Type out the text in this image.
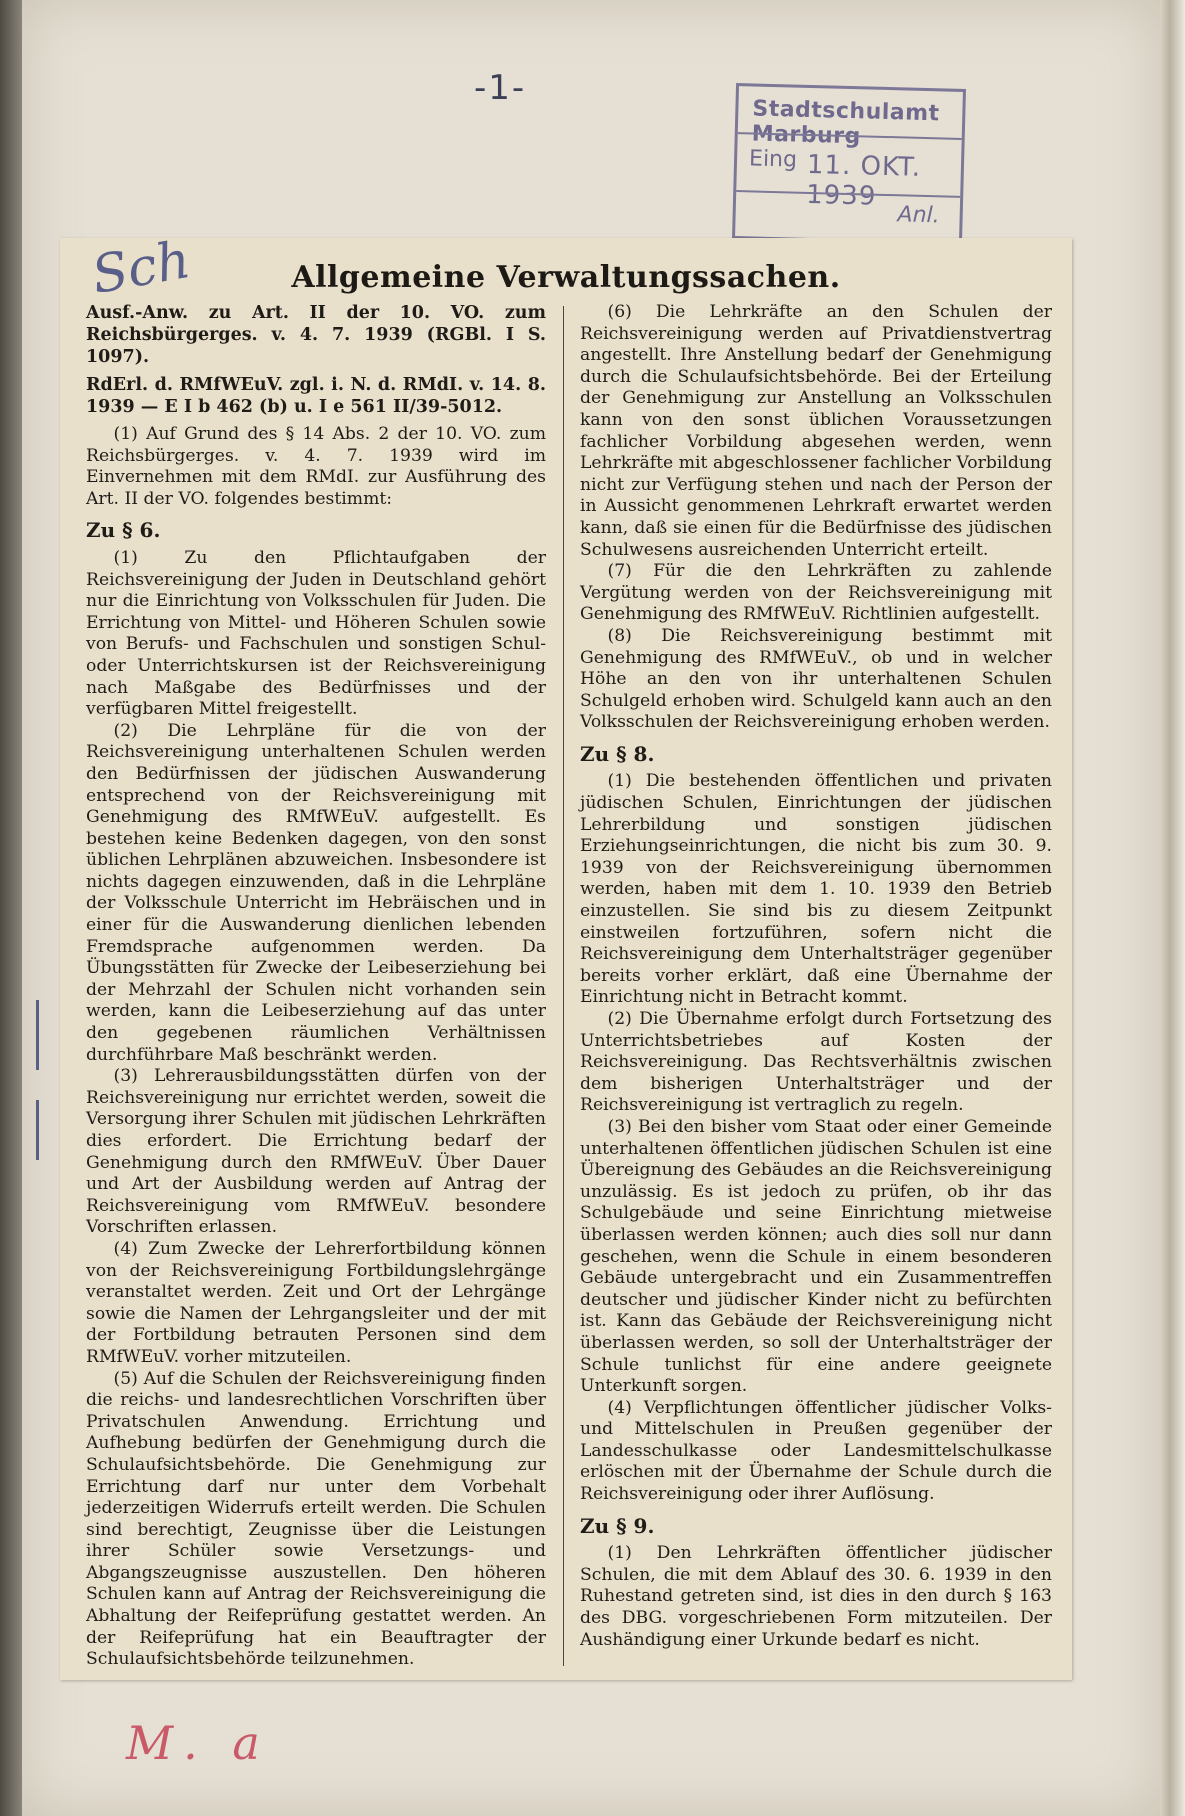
-1-
Stadtschulamt Marburg
Eing 11. OKT. 1939
Anl.
Allgemeine Verwaltungssachen.

Ausf.-Anw. zu Art. II der 10. VO. zum Reichsbürgerges. v. 4. 7. 1939 (RGBl. I S. 1097).

RdErl. d. RMfWEuV. zgl. i. N. d. RMdI. v. 14. 8. 1939 — E I b 462 (b) u. I e 561 II/39-5012.

(1) Auf Grund des § 14 Abs. 2 der 10. VO. zum Reichsbürgerges. v. 4. 7. 1939 wird im Einvernehmen mit dem RMdI. zur Ausführung des Art. II der VO. folgendes bestimmt:

Zu § 6.

(1) Zu den Pflichtaufgaben der Reichsvereinigung der Juden in Deutschland gehört nur die Einrichtung von Volksschulen für Juden. Die Errichtung von Mittel- und Höheren Schulen sowie von Berufs- und Fachschulen und sonstigen Schul- oder Unterrichtskursen ist der Reichsvereinigung nach Maßgabe des Bedürfnisses und der verfügbaren Mittel freigestellt.

(2) Die Lehrpläne für die von der Reichsvereinigung unterhaltenen Schulen werden den Bedürfnissen der jüdischen Auswanderung entsprechend von der Reichsvereinigung mit Genehmigung des RMfWEuV. aufgestellt. Es bestehen keine Bedenken dagegen, von den sonst üblichen Lehrplänen abzuweichen. Insbesondere ist nichts dagegen einzuwenden, daß in die Lehrpläne der Volksschule Unterricht im Hebräischen und in einer für die Auswanderung dienlichen lebenden Fremdsprache aufgenommen werden. Da Übungsstätten für Zwecke der Leibeserziehung bei der Mehrzahl der Schulen nicht vorhanden sein werden, kann die Leibeserziehung auf das unter den gegebenen räumlichen Verhältnissen durchführbare Maß beschränkt werden.

(3) Lehrerausbildungsstätten dürfen von der Reichsvereinigung nur errichtet werden, soweit die Versorgung ihrer Schulen mit jüdischen Lehrkräften dies erfordert. Die Errichtung bedarf der Genehmigung durch den RMfWEuV. Über Dauer und Art der Ausbildung werden auf Antrag der Reichsvereinigung vom RMfWEuV. besondere Vorschriften erlassen.

(4) Zum Zwecke der Lehrerfortbildung können von der Reichsvereinigung Fortbildungslehrgänge veranstaltet werden. Zeit und Ort der Lehrgänge sowie die Namen der Lehrgangsleiter und der mit der Fortbildung betrauten Personen sind dem RMfWEuV. vorher mitzuteilen.

(5) Auf die Schulen der Reichsvereinigung finden die reichs- und landesrechtlichen Vorschriften über Privatschulen Anwendung. Errichtung und Aufhebung bedürfen der Genehmigung durch die Schulaufsichtsbehörde. Die Genehmigung zur Errichtung darf nur unter dem Vorbehalt jederzeitigen Widerrufs erteilt werden. Die Schulen sind berechtigt, Zeugnisse über die Leistungen ihrer Schüler sowie Versetzungs- und Abgangszeugnisse auszustellen. Den höheren Schulen kann auf Antrag der Reichsvereinigung die Abhaltung der Reifeprüfung gestattet werden. An der Reifeprüfung hat ein Beauftragter der Schulaufsichtsbehörde teilzunehmen.

(6) Die Lehrkräfte an den Schulen der Reichsvereinigung werden auf Privatdienstvertrag angestellt. Ihre Anstellung bedarf der Genehmigung durch die Schulaufsichtsbehörde. Bei der Erteilung der Genehmigung zur Anstellung an Volksschulen kann von den sonst üblichen Voraussetzungen fachlicher Vorbildung abgesehen werden, wenn Lehrkräfte mit abgeschlossener fachlicher Vorbildung nicht zur Verfügung stehen und nach der Person der in Aussicht genommenen Lehrkraft erwartet werden kann, daß sie einen für die Bedürfnisse des jüdischen Schulwesens ausreichenden Unterricht erteilt.

(7) Für die den Lehrkräften zu zahlende Vergütung werden von der Reichsvereinigung mit Genehmigung des RMfWEuV. Richtlinien aufgestellt.

(8) Die Reichsvereinigung bestimmt mit Genehmigung des RMfWEuV., ob und in welcher Höhe an den von ihr unterhaltenen Schulen Schulgeld erhoben wird. Schulgeld kann auch an den Volksschulen der Reichsvereinigung erhoben werden.

Zu § 8.

(1) Die bestehenden öffentlichen und privaten jüdischen Schulen, Einrichtungen der jüdischen Lehrerbildung und sonstigen jüdischen Erziehungseinrichtungen, die nicht bis zum 30. 9. 1939 von der Reichsvereinigung übernommen werden, haben mit dem 1. 10. 1939 den Betrieb einzustellen. Sie sind bis zu diesem Zeitpunkt einstweilen fortzuführen, sofern nicht die Reichsvereinigung dem Unterhaltsträger gegenüber bereits vorher erklärt, daß eine Übernahme der Einrichtung nicht in Betracht kommt.

(2) Die Übernahme erfolgt durch Fortsetzung des Unterrichtsbetriebes auf Kosten der Reichsvereinigung. Das Rechtsverhältnis zwischen dem bisherigen Unterhaltsträger und der Reichsvereinigung ist vertraglich zu regeln.

(3) Bei den bisher vom Staat oder einer Gemeinde unterhaltenen öffentlichen jüdischen Schulen ist eine Übereignung des Gebäudes an die Reichsvereinigung unzulässig. Es ist jedoch zu prüfen, ob ihr das Schulgebäude und seine Einrichtung mietweise überlassen werden können; auch dies soll nur dann geschehen, wenn die Schule in einem besonderen Gebäude untergebracht und ein Zusammentreffen deutscher und jüdischer Kinder nicht zu befürchten ist. Kann das Gebäude der Reichsvereinigung nicht überlassen werden, so soll der Unterhaltsträger der Schule tunlichst für eine andere geeignete Unterkunft sorgen.

(4) Verpflichtungen öffentlicher jüdischer Volks- und Mittelschulen in Preußen gegenüber der Landesschulkasse oder Landesmittelschulkasse erlöschen mit der Übernahme der Schule durch die Reichsvereinigung oder ihrer Auflösung.

Zu § 9.

(1) Den Lehrkräften öffentlicher jüdischer Schulen, die mit dem Ablauf des 30. 6. 1939 in den Ruhestand getreten sind, ist dies in den durch § 163 des DBG. vorgeschriebenen Form mitzuteilen. Der Aushändigung einer Urkunde bedarf es nicht.

Sch
M. a
